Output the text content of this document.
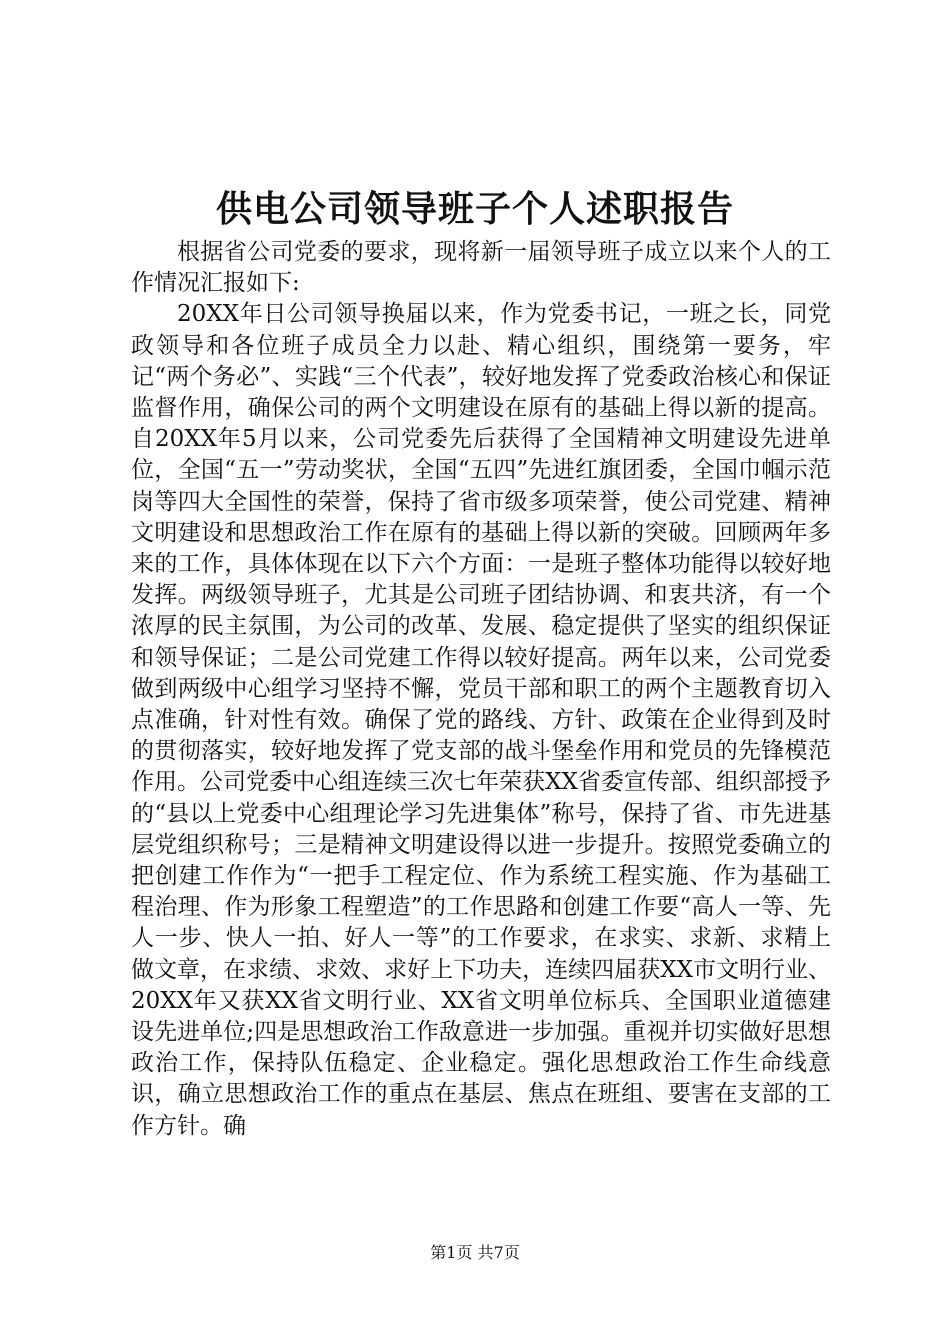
供电公司领导班子个人述职报告

根据省公司党委的要求，现将新一届领导班子成立以来个人的工作情况汇报如下:

20XX年日公司领导换届以来，作为党委书记，一班之长，同党政领导和各位班子成员全力以赴、精心组织，围绕第一要务，牢记“两个务必”、实践“三个代表”，较好地发挥了党委政治核心和保证监督作用，确保公司的两个文明建设在原有的基础上得以新的提高。自20XX年5月以来，公司党委先后获得了全国精神文明建设先进单位，全国“五一”劳动奖状，全国“五四”先进红旗团委，全国巾帼示范岗等四大全国性的荣誉，保持了省市级多项荣誉，使公司党建、精神文明建设和思想政治工作在原有的基础上得以新的突破。回顾两年多来的工作，具体体现在以下六个方面：一是班子整体功能得以较好地发挥。两级领导班子，尤其是公司班子团结协调、和衷共济，有一个浓厚的民主氛围，为公司的改革、发展、稳定提供了坚实的组织保证和领导保证；二是公司党建工作得以较好提高。两年以来，公司党委做到两级中心组学习坚持不懈，党员干部和职工的两个主题教育切入点准确，针对性有效。确保了党的路线、方针、政策在企业得到及时的贯彻落实，较好地发挥了党支部的战斗堡垒作用和党员的先锋模范作用。公司党委中心组连续三次七年荣获XX省委宣传部、组织部授予的“县以上党委中心组理论学习先进集体”称号，保持了省、市先进基层党组织称号；三是精神文明建设得以进一步提升。按照党委确立的把创建工作作为“一把手工程定位、作为系统工程实施、作为基础工程治理、作为形象工程塑造”的工作思路和创建工作要“高人一等、先人一步、快人一拍、好人一等”的工作要求，在求实、求新、求精上做文章，在求绩、求效、求好上下功夫，连续四届获XX市文明行业、20XX年又获XX省文明行业、XX省文明单位标兵、全国职业道德建设先进单位;四是思想政治工作敌意进一步加强。重视并切实做好思想政治工作，保持队伍稳定、企业稳定。强化思想政治工作生命线意识，确立思想政治工作的重点在基层、焦点在班组、要害在支部的工作方针。确

第1页 共7页
